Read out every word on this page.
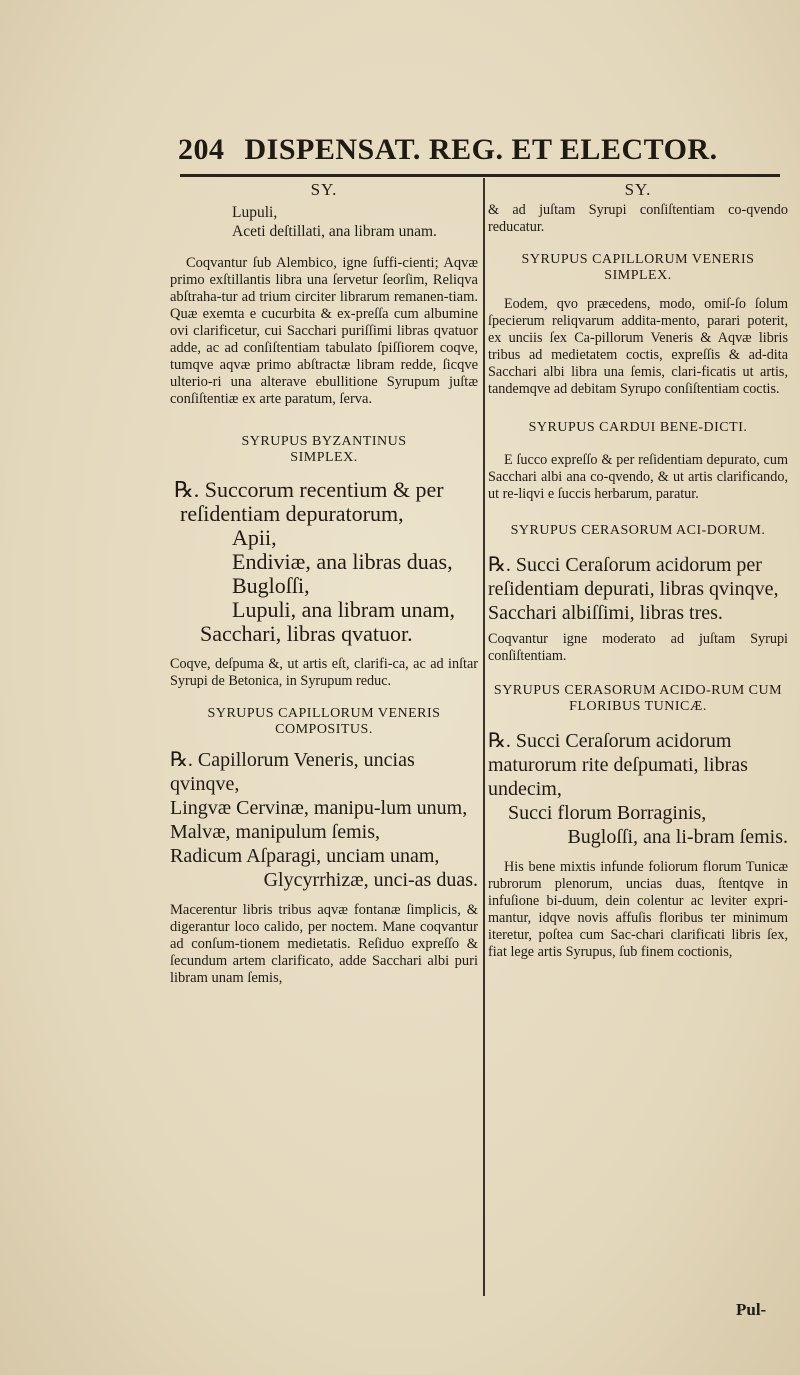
204 DISPENSAT. REG. ET ELECTOR.

SY.

Lupuli,

Aceti deſtillati, ana libram unam.

Coqvantur ſub Alembico, igne ſuffi-cienti; Aqvæ primo exſtillantis libra una ſervetur ſeorſim, Reliqva abſtraha-tur ad trium circiter librarum remanen-tiam. Quæ exemta e cucurbita & ex-preſſa cum albumine ovi clarificetur, cui Sacchari puriſſimi libras qvatuor adde, ac ad conſiſtentiam tabulato ſpiſſiorem coqve, tumqve aqvæ primo abſtractæ libram redde, ſicqve ulterio-ri una alterave ebullitione Syrupum juſtæ conſiſtentiæ ex arte paratum, ſerva.

SYRUPUS BYZANTINUS SIMPLEX.

℞. Succorum recentium & per reſidentiam depuratorum,

Apii,

Endiviæ, ana libras duas,

Bugloſſi,

Lupuli, ana libram unam,

Sacchari, libras qvatuor.

Coqve, deſpuma &, ut artis eſt, clarifi-ca, ac ad inſtar Syrupi de Betonica, in Syrupum reduc.

SYRUPUS CAPILLORUM VENERIS COMPOSITUS.

℞. Capillorum Veneris, uncias qvinqve,

Lingvæ Cervinæ, manipu-lum unum,

Malvæ, manipulum ſemis,

Radicum Aſparagi, unciam unam,

Glycyrrhizæ, unci-as duas.

Macerentur libris tribus aqvæ fontanæ ſimplicis, & digerantur loco calido, per noctem. Mane coqvantur ad conſum-tionem medietatis. Reſiduo expreſſo & ſecundum artem clarificato, adde Sacchari albi puri libram unam ſemis,

SY.

& ad juſtam Syrupi conſiſtentiam co-qvendo reducatur.

SYRUPUS CAPILLORUM VENERIS SIMPLEX.

Eodem, qvo præcedens, modo, omiſ-ſo ſolum ſpecierum reliqvarum addita-mento, parari poterit, ex unciis ſex Ca-pillorum Veneris & Aqvæ libris tribus ad medietatem coctis, expreſſis & ad-dita Sacchari albi libra una ſemis, clari-ficatis ut artis, tandemqve ad debitam Syrupo conſiſtentiam coctis.

SYRUPUS CARDUI BENE-DICTI.

E ſucco expreſſo & per reſidentiam depurato, cum Sacchari albi ana co-qvendo, & ut artis clarificando, ut re-liqvi e ſuccis herbarum, paratur.

SYRUPUS CERASORUM ACI-DORUM.

℞. Succi Ceraſorum acidorum per reſidentiam depurati, libras qvinqve,

Sacchari albiſſimi, libras tres.

Coqvantur igne moderato ad juſtam Syrupi conſiſtentiam.

SYRUPUS CERASORUM ACIDO-RUM CUM FLORIBUS TUNICÆ.

℞. Succi Ceraſorum acidorum maturorum rite deſpumati, libras undecim,

Succi florum Borraginis,

Bugloſſi, ana li-bram ſemis.

His bene mixtis infunde foliorum florum Tunicæ rubrorum plenorum, uncias duas, ſtentqve in infuſione bi-duum, dein colentur ac leviter expri-mantur, idqve novis affuſis floribus ter minimum iteretur, poſtea cum Sac-chari clarificati libris ſex, fiat lege artis Syrupus, ſub finem coctionis,

Pul-
